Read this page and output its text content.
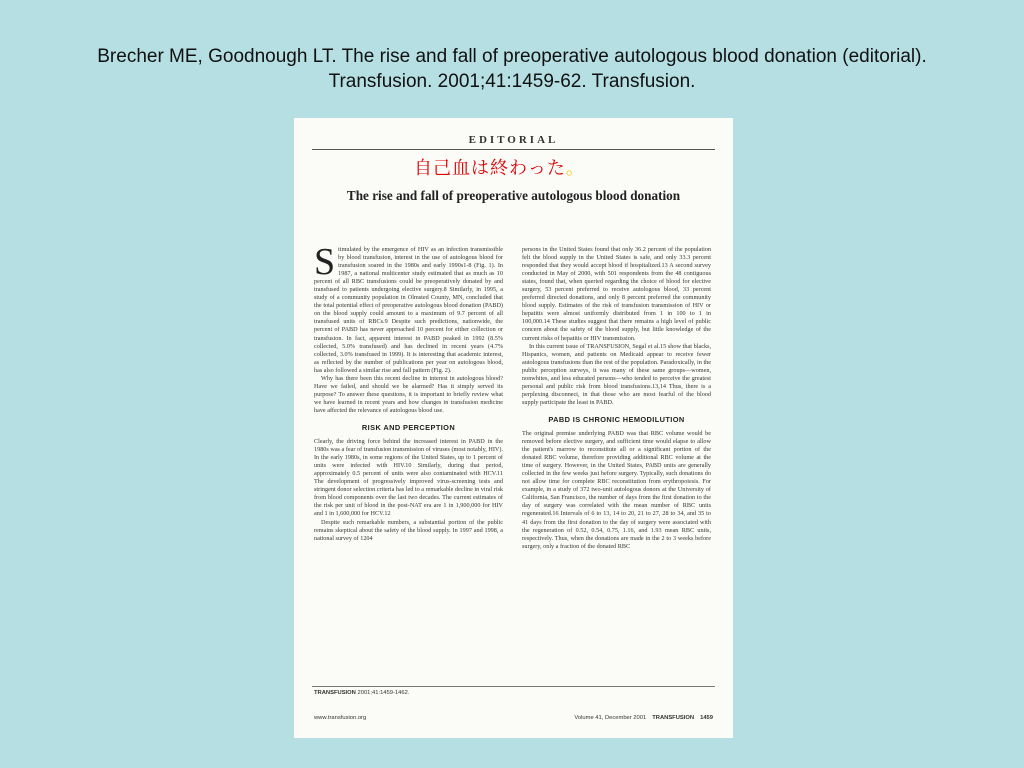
Brecher ME, Goodnough LT. The rise and fall of preoperative autologous blood donation (editorial). Transfusion. 2001;41:1459-62. Transfusion.
EDITORIAL
自己血は終わった。
The rise and fall of preoperative autologous blood donation

Stimulated by the emergence of HIV as an infection transmissible by blood transfusion, interest in the use of autologous blood for transfusion soared in the 1980s and early 1990s1-8 (Fig. 1). In 1987, a national multicenter study estimated that as much as 10 percent of all RBC transfusions could be preoperatively donated by and transfused to patients undergoing elective surgery.8 Similarly, in 1995, a study of a community population in Olmsted County, MN, concluded that the total potential effect of preoperative autologous blood donation (PABD) on the blood supply could amount to a maximum of 9.7 percent of all transfused units of RBCs.9 Despite such predictions, nationwide, the percent of PABD has never approached 10 percent for either collection or transfusion. In fact, apparent interest in PABD peaked in 1992 (8.5% collected, 5.0% transfused) and has declined in recent years (4.7% collected, 3.0% transfused in 1999). It is interesting that academic interest, as reflected by the number of publications per year on autologous blood, has also followed a similar rise and fall pattern (Fig. 2).

Why has there been this recent decline in interest in autologous blood? Have we failed, and should we be alarmed? Has it simply served its purpose? To answer these questions, it is important to briefly review what we have learned in recent years and how changes in transfusion medicine have affected the relevance of autologous blood use.

RISK AND PERCEPTION

Clearly, the driving force behind the increased interest in PABD in the 1980s was a fear of transfusion transmission of viruses (most notably, HIV). In the early 1980s, in some regions of the United States, up to 1 percent of units were infected with HIV.10 Similarly, during that period, approximately 0.5 percent of units were also contaminated with HCV.11 The development of progressively improved virus-screening tests and stringent donor selection criteria has led to a remarkable decline in viral risk from blood components over the last two decades. The current estimates of the risk per unit of blood in the post-NAT era are 1 in 1,900,000 for HIV and 1 in 1,600,000 for HCV.12

Despite such remarkable numbers, a substantial portion of the public remains skeptical about the safety of the blood supply. In 1997 and 1998, a national survey of 1204

persons in the United States found that only 36.2 percent of the population felt the blood supply in the United States is safe, and only 33.3 percent responded that they would accept blood if hospitalized.13 A second survey conducted in May of 2000, with 501 respondents from the 48 contiguous states, found that, when queried regarding the choice of blood for elective surgery, 53 percent preferred to receive autologous blood, 33 percent preferred directed donations, and only 8 percent preferred the community blood supply. Estimates of the risk of transfusion transmission of HIV or hepatitis were almost uniformly distributed from 1 in 100 to 1 in 100,000.14 These studies suggest that there remains a high level of public concern about the safety of the blood supply, but little knowledge of the current risks of hepatitis or HIV transmission.

In this current issue of TRANSFUSION, Segal et al.15 show that blacks, Hispanics, women, and patients on Medicaid appear to receive fewer autologous transfusions than the rest of the population. Paradoxically, in the public perception surveys, it was many of these same groups—women, nonwhites, and less educated persons—who tended to perceive the greatest personal and public risk from blood transfusions.13,14 Thus, there is a perplexing disconnect, in that those who are most fearful of the blood supply participate the least in PABD.

PABD IS CHRONIC HEMODILUTION

The original premise underlying PABD was that RBC volume would be removed before elective surgery, and sufficient time would elapse to allow the patient's marrow to reconstitute all or a significant portion of the donated RBC volume, therefore providing additional RBC volume at the time of surgery. However, in the United States, PABD units are generally collected in the few weeks just before surgery. Typically, such donations do not allow time for complete RBC reconstitution from erythropoiesis. For example, in a study of 372 two-unit autologous donors at the University of California, San Francisco, the number of days from the first donation to the day of surgery was correlated with the mean number of RBC units regenerated.16 Intervals of 6 to 13, 14 to 20, 21 to 27, 28 to 34, and 35 to 41 days from the first donation to the day of surgery were associated with the regeneration of 0.52, 0.54, 0.75, 1.16, and 1.93 mean RBC units, respectively. Thus, when the donations are made in the 2 to 3 weeks before surgery, only a fraction of the donated RBC

TRANSFUSION 2001;41:1459-1462.
www.transfusion.org	Volume 41, December 2001 TRANSFUSION 1459
